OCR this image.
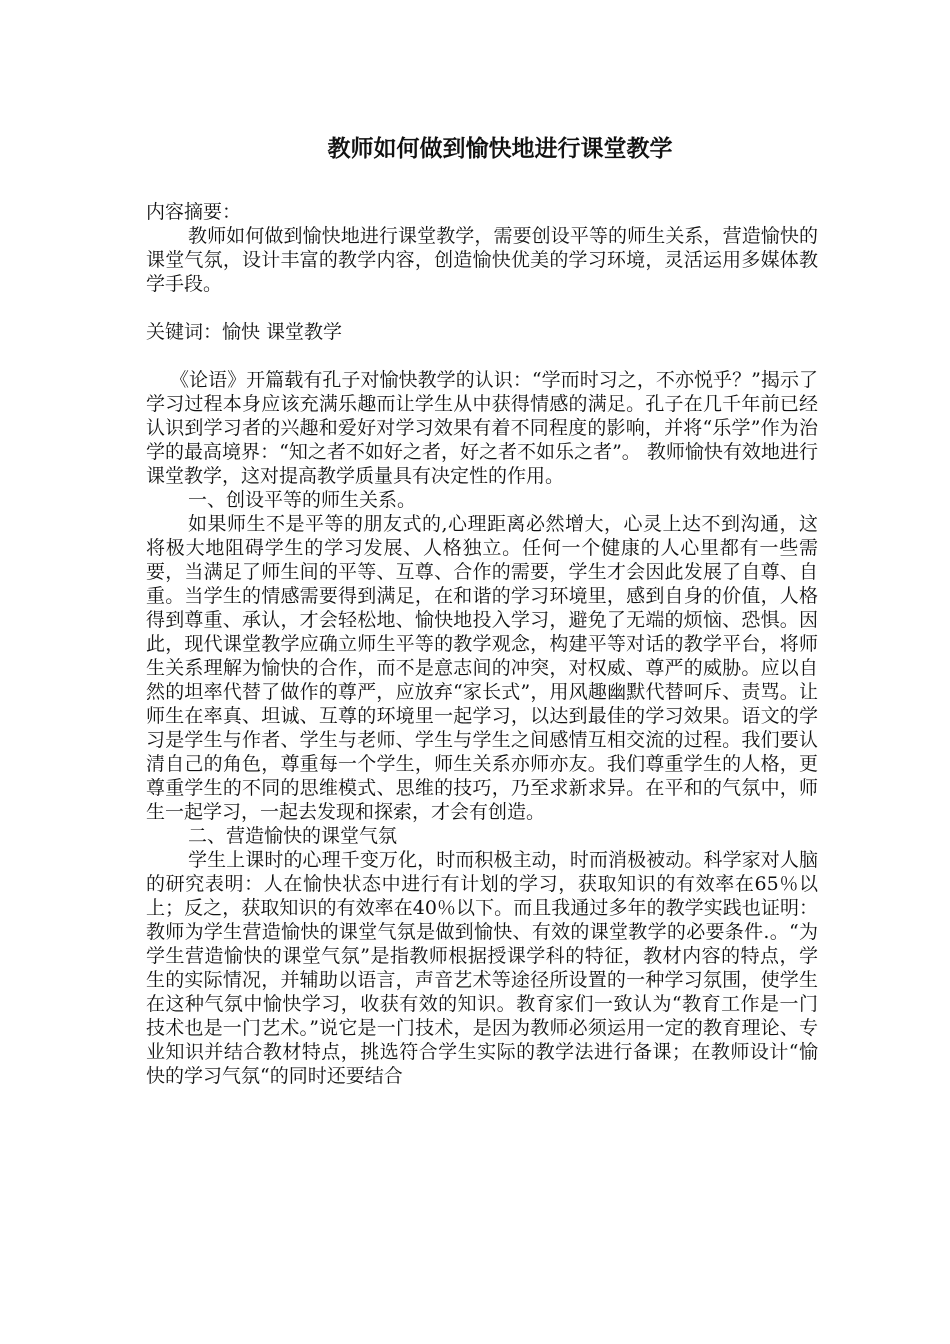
教师如何做到愉快地进行课堂教学

内容摘要：

教师如何做到愉快地进行课堂教学，需要创设平等的师生关系，营造愉快的课堂气氛，设计丰富的教学内容，创造愉快优美的学习环境，灵活运用多媒体教学手段。

关键词：愉快 课堂教学

《论语》开篇载有孔子对愉快教学的认识：“学而时习之，不亦悦乎？”揭示了学习过程本身应该充满乐趣而让学生从中获得情感的满足。孔子在几千年前已经认识到学习者的兴趣和爱好对学习效果有着不同程度的影响，并将“乐学”作为治学的最高境界：“知之者不如好之者，好之者不如乐之者”。 教师愉快有效地进行课堂教学，这对提高教学质量具有决定性的作用。

一、创设平等的师生关系。

如果师生不是平等的朋友式的,心理距离必然增大，心灵上达不到沟通，这将极大地阻碍学生的学习发展、人格独立。任何一个健康的人心里都有一些需要，当满足了师生间的平等、互尊、合作的需要，学生才会因此发展了自尊、自重。当学生的情感需要得到满足，在和谐的学习环境里，感到自身的价值，人格得到尊重、承认，才会轻松地、愉快地投入学习，避免了无端的烦恼、恐惧。因此，现代课堂教学应确立师生平等的教学观念，构建平等对话的教学平台，将师生关系理解为愉快的合作，而不是意志间的冲突，对权威、尊严的威胁。应以自然的坦率代替了做作的尊严，应放弃“家长式”，用风趣幽默代替呵斥、责骂。让师生在率真、坦诚、互尊的环境里一起学习，以达到最佳的学习效果。语文的学习是学生与作者、学生与老师、学生与学生之间感情互相交流的过程。我们要认清自己的角色，尊重每一个学生，师生关系亦师亦友。我们尊重学生的人格，更尊重学生的不同的思维模式、思维的技巧，乃至求新求异。在平和的气氛中，师生一起学习，一起去发现和探索，才会有创造。

二、营造愉快的课堂气氛

学生上课时的心理千变万化，时而积极主动，时而消极被动。科学家对人脑的研究表明：人在愉快状态中进行有计划的学习，获取知识的有效率在65％以上；反之，获取知识的有效率在40％以下。而且我通过多年的教学实践也证明：教师为学生营造愉快的课堂气氛是做到愉快、有效的课堂教学的必要条件.。“为学生营造愉快的课堂气氛”是指教师根据授课学科的特征，教材内容的特点，学生的实际情况，并辅助以语言，声音艺术等途径所设置的一种学习氛围，使学生在这种气氛中愉快学习，收获有效的知识。教育家们一致认为“教育工作是一门技术也是一门艺术。”说它是一门技术，是因为教师必须运用一定的教育理论、专业知识并结合教材特点，挑选符合学生实际的教学法进行备课；在教师设计“愉快的学习气氛“的同时还要结合
